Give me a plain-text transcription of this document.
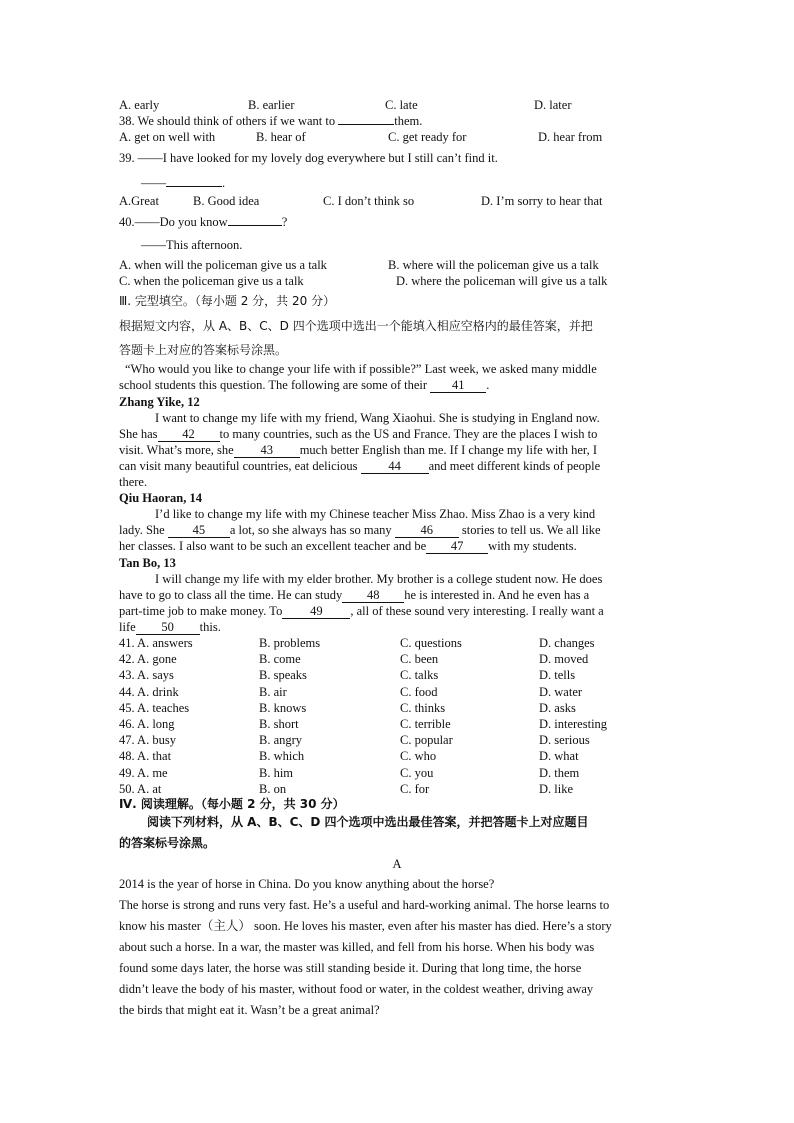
A. early	B. earlier	C. late	D. later
38. We should think of others if we want to	them.
A. get on well with	B. hear of	C. get ready for	D. hear from
39. ——I have looked for my lovely dog everywhere but I still can’t find it.
——	.
A.Great	B. Good idea	C. I don’t think so	D. I’m sorry to hear that
40.——Do you know	?
——This afternoon.
A. when will the policeman give us a talk	B. where will the policeman give us a talk
C. when the policeman give us a talk	D. where the policeman will give us a talk
Ⅲ. 完型填空。（每小题 2 分，共 20 分）
根据短文内容，从 A、B、C、D 四个选项中选出一个能填入相应空格内的最佳答案，并把
答题卡上对应的答案标号涂黑。
“Who would you like to change your life with if possible?” Last week, we asked many middle
school students this question. The following are some of their 41 .
Zhang Yike, 12
I want to change my life with my friend, Wang Xiaohui. She is studying in England now.
She has 42 to many countries, such as the US and France. They are the places I wish to
visit. What’s more, she 43 much better English than me. If I change my life with her, I
can visit many beautiful countries, eat delicious 44 and meet different kinds of people
there.
Qiu Haoran, 14
I’d like to change my life with my Chinese teacher Miss Zhao. Miss Zhao is a very kind
lady. She 45 a lot, so she always has so many 46 stories to tell us. We all like
her classes. I also want to be such an excellent teacher and be 47 with my students.
Tan Bo, 13
I will change my life with my elder brother. My brother is a college student now. He does
have to go to class all the time. He can study 48 he is interested in. And he even has a
part-time job to make money. To 49 , all of these sound very interesting. I really want a
life 50 this.
41. A. answers	B. problems	C. questions	D. changes
42. A. gone	B. come	C. been	D. moved
43. A. says	B. speaks	C. talks	D. tells
44. A. drink	B. air	C. food	D. water
45. A. teaches	B. knows	C. thinks	D. asks
46. A. long	B. short	C. terrible	D. interesting
47. A. busy	B. angry	C. popular	D. serious
48. A. that	B. which	C. who	D. what
49. A. me	B. him	C. you	D. them
50. A. at	B. on	C. for	D. like
Ⅳ. 阅读理解。（每小题 2 分，共 30 分）
阅读下列材料，从 A、B、C、D 四个选项中选出最佳答案，并把答题卡上对应题目
的答案标号涂黑。
A
2014 is the year of horse in China. Do you know anything about the horse?
The horse is strong and runs very fast. He’s a useful and hard-working animal. The horse learns to
know his master（主人） soon. He loves his master, even after his master has died. Here’s a story
about such a horse. In a war, the master was killed, and fell from his horse. When his body was
found some days later, the horse was still standing beside it. During that long time, the horse
didn’t leave the body of his master, without food or water, in the coldest weather, driving away
the birds that might eat it. Wasn’t be a great animal?
